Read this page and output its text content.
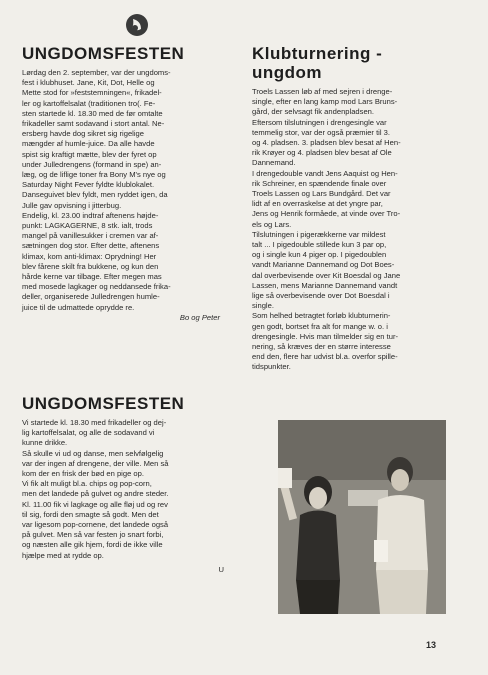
UNGDOMSFESTEN

Lørdag den 2. september, var der ungdoms-
fest i klubhuset. Jane, Kit, Dot, Helle og
Mette stod for »feststemningen«, frikadel-
ler og kartoffelsalat (traditionen tro(. Fe-
sten startede kl. 18.30 med de før omtalte
frikadeller samt sodavand i stort antal. Ne-
ersberg havde dog sikret sig rigelige
mængder af humle-juice. Da alle havde
spist sig kraftigt mætte, blev der fyret op
under Julledrengens (formand in spe) an-
læg, og de liflige toner fra Bony M's nye og
Saturday Night Fever fyldte klublokalet.
Danseguivet blev fyldt, men ryddet igen, da
Julle gav opvisning i jitterbug.
Endelig, kl. 23.00 indtraf aftenens højde-
punkt: LAGKAGERNE, 8 stk. ialt, trods
mangel på vanillesukker i cremen var af-
sætningen dog stor. Efter dette, aftenens
klimax, kom anti-klimax: Oprydning! Her
blev fårene skilt fra bukkene, og kun den
hårde kerne var tilbage. Efter megen mas
med mosede lagkager og neddansede frika-
deller, organiserede Julledrengen humle-
juice til de udmattede oprydde re.

Bo og Peter

UNGDOMSFESTEN

Vi startede kl. 18.30 med frikadeller og dej-
lig kartoffelsalat, og alle de sodavand vi
kunne drikke.
Så skulle vi ud og danse, men selvfølgelig
var der ingen af drengene, der ville. Men så
kom der en frisk der bød en pige op.
Vi fik alt muligt bl.a. chips og pop-corn,
men det landede på gulvet og andre steder.
Kl. 11.00 fik vi lagkage og alle fløj ud og rev
til sig, fordi den smagte så godt. Men det
var ligesom pop-cornene, det landede også
på gulvet. Men så var festen jo snart forbi,
og næsten alle gik hjem, fordi de ikke ville
hjælpe med at rydde op.

U

Klubturnering -
ungdom

Troels Lassen løb af med sejren i drenge-
single, efter en lang kamp mod Lars Bruns-
gård, der selvsagt fik andenpladsen.
Eftersom tilslutningen i drengesingle var
temmelig stor, var der også præmier til 3.
og 4. pladsen. 3. pladsen blev besat af Hen-
rik Krøyer og 4. pladsen blev besat af Ole
Dannemand.
I drengedouble vandt Jens Aaquist og Hen-
rik Schreiner, en spændende finale over
Troels Lassen og Lars Bundgård. Det var
lidt af en overraskelse at det yngre par,
Jens og Henrik formåede, at vinde over Tro-
els og Lars.
Tilslutningen i pigerækkerne var mildest
talt ... I pigedouble stillede kun 3 par op,
og i single kun 4 piger op. I pigedoublen
vandt Marianne Dannemand og Dot Boes-
dal overbevisende over Kit Boesdal og Jane
Lassen, mens Marianne Dannemand vandt
lige så overbevisende over Dot Boesdal i
single.
Som helhed betragtet forløb klubturnerin-
gen godt, bortset fra alt for mange w. o. i
drengesingle. Hvis man tilmelder sig en tur-
nering, så kræves der en større interesse
end den, flere har udvist bl.a. overfor spille-
tidspunkter.

13
